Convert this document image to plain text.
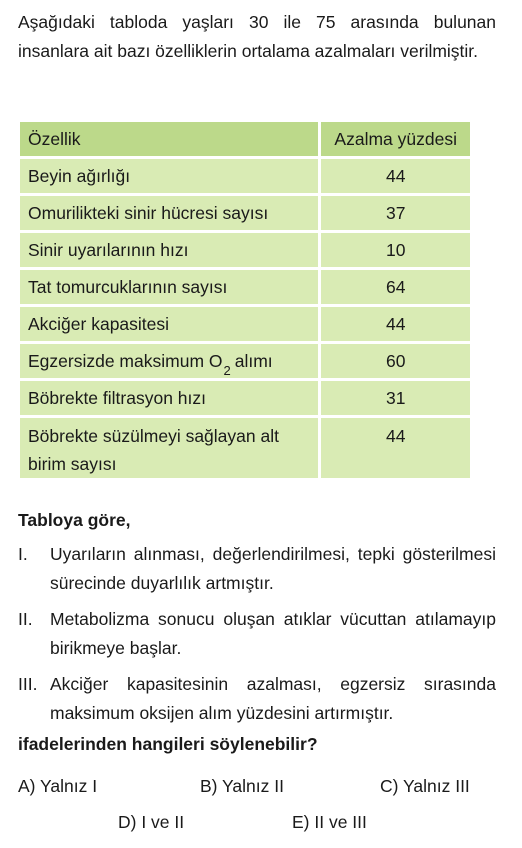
Aşağıdaki tabloda yaşları 30 ile 75 arasında bulunan insanlara ait bazı özelliklerin ortalama azalmaları verilmiştir.
Özellik	Azalma yüzdesi
Beyin ağırlığı	44
Omurilikteki sinir hücresi sayısı	37
Sinir uyarılarının hızı	10
Tat tomurcuklarının sayısı	64
Akciğer kapasitesi	44
Egzersizde maksimum $O_2$ alımı	60
Böbrekte filtrasyon hızı	31
Böbrekte süzülmeyi sağlayan alt birim sayısı	44
Tabloya göre,
I. Uyarıların alınması, değerlendirilmesi, tepki gösterilmesi sürecinde duyarlılık artmıştır.
II. Metabolizma sonucu oluşan atıklar vücuttan atılamayıp birikmeye başlar.
III. Akciğer kapasitesinin azalması, egzersiz sırasında maksimum oksijen alım yüzdesini artırmıştır.
ifadelerinden hangileri söylenebilir?
A) Yalnız I	B) Yalnız II	C) Yalnız III
D) I ve II	E) II ve III
